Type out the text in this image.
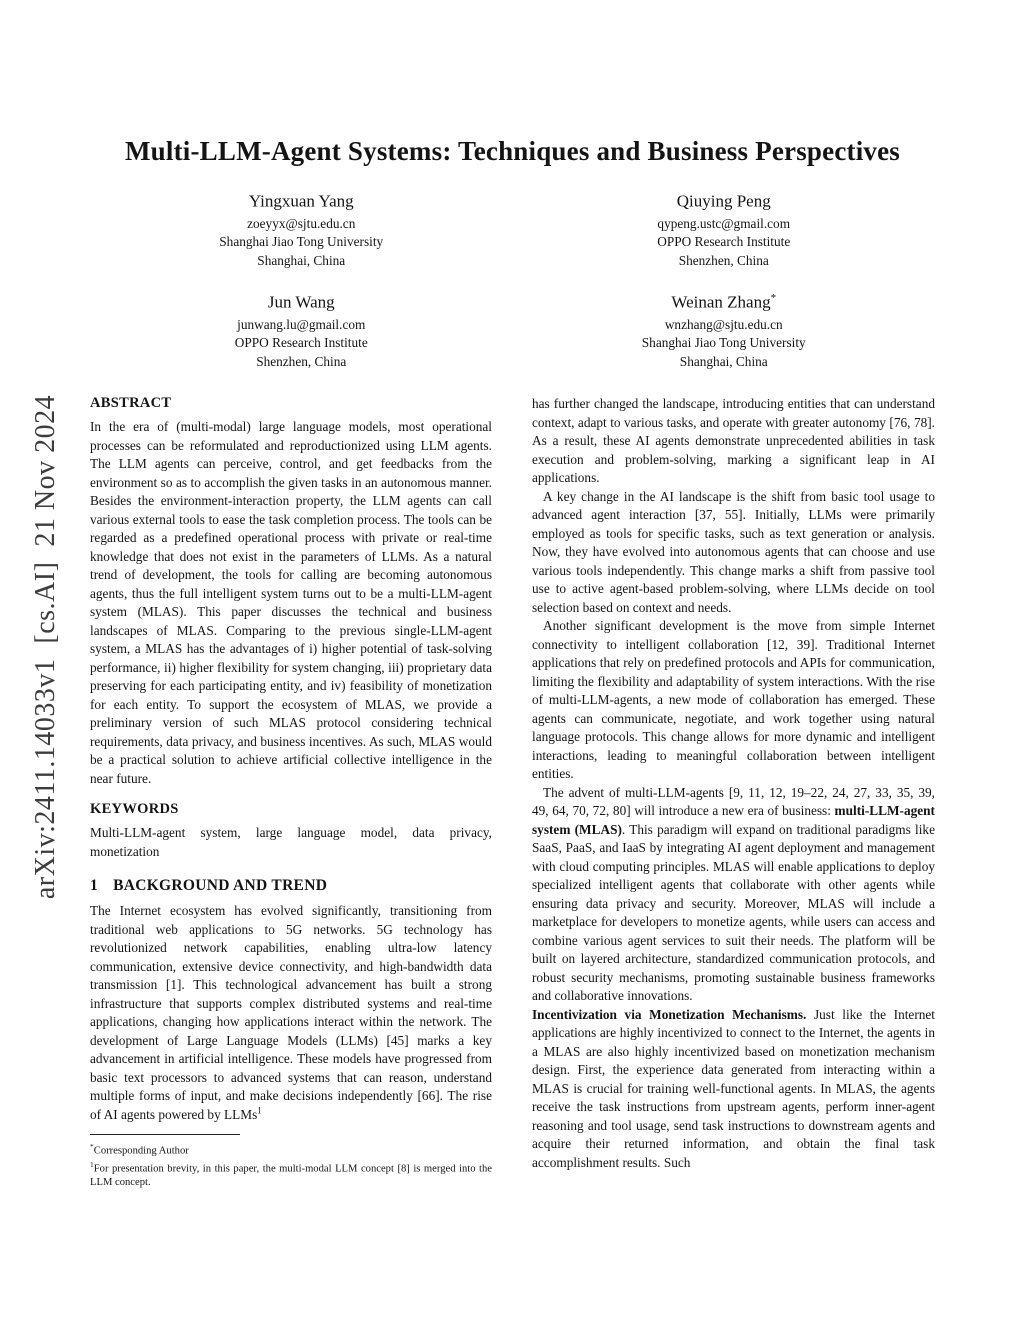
arXiv:2411.14033v1  [cs.AI]  21 Nov 2024
Multi-LLM-Agent Systems: Techniques and Business Perspectives
Yingxuan Yang
zoeyyx@sjtu.edu.cn
Shanghai Jiao Tong University
Shanghai, China
Qiuying Peng
qypeng.ustc@gmail.com
OPPO Research Institute
Shenzhen, China
Jun Wang
junwang.lu@gmail.com
OPPO Research Institute
Shenzhen, China
Weinan Zhang*
wnzhang@sjtu.edu.cn
Shanghai Jiao Tong University
Shanghai, China
ABSTRACT

In the era of (multi-modal) large language models, most operational processes can be reformulated and reproductionized using LLM agents. The LLM agents can perceive, control, and get feedbacks from the environment so as to accomplish the given tasks in an autonomous manner. Besides the environment-interaction property, the LLM agents can call various external tools to ease the task completion process. The tools can be regarded as a predefined operational process with private or real-time knowledge that does not exist in the parameters of LLMs. As a natural trend of development, the tools for calling are becoming autonomous agents, thus the full intelligent system turns out to be a multi-LLM-agent system (MLAS). This paper discusses the technical and business landscapes of MLAS. Comparing to the previous single-LLM-agent system, a MLAS has the advantages of i) higher potential of task-solving performance, ii) higher flexibility for system changing, iii) proprietary data preserving for each participating entity, and iv) feasibility of monetization for each entity. To support the ecosystem of MLAS, we provide a preliminary version of such MLAS protocol considering technical requirements, data privacy, and business incentives. As such, MLAS would be a practical solution to achieve artificial collective intelligence in the near future.

KEYWORDS

Multi-LLM-agent system, large language model, data privacy, monetization

1 BACKGROUND AND TREND

The Internet ecosystem has evolved significantly, transitioning from traditional web applications to 5G networks. 5G technology has revolutionized network capabilities, enabling ultra-low latency communication, extensive device connectivity, and high-bandwidth data transmission [1]. This technological advancement has built a strong infrastructure that supports complex distributed systems and real-time applications, changing how applications interact within the network. The development of Large Language Models (LLMs) [45] marks a key advancement in artificial intelligence. These models have progressed from basic text processors to advanced systems that can reason, understand multiple forms of input, and make decisions independently [66]. The rise of AI agents powered by LLMs$^1$

*Corresponding Author

$^1$For presentation brevity, in this paper, the multi-modal LLM concept [8] is merged into the LLM concept.

has further changed the landscape, introducing entities that can understand context, adapt to various tasks, and operate with greater autonomy [76, 78]. As a result, these AI agents demonstrate unprecedented abilities in task execution and problem-solving, marking a significant leap in AI applications.

A key change in the AI landscape is the shift from basic tool usage to advanced agent interaction [37, 55]. Initially, LLMs were primarily employed as tools for specific tasks, such as text generation or analysis. Now, they have evolved into autonomous agents that can choose and use various tools independently. This change marks a shift from passive tool use to active agent-based problem-solving, where LLMs decide on tool selection based on context and needs.

Another significant development is the move from simple Internet connectivity to intelligent collaboration [12, 39]. Traditional Internet applications that rely on predefined protocols and APIs for communication, limiting the flexibility and adaptability of system interactions. With the rise of multi-LLM-agents, a new mode of collaboration has emerged. These agents can communicate, negotiate, and work together using natural language protocols. This change allows for more dynamic and intelligent interactions, leading to meaningful collaboration between intelligent entities.

The advent of multi-LLM-agents [9, 11, 12, 19–22, 24, 27, 33, 35, 39, 49, 64, 70, 72, 80] will introduce a new era of business: multi-LLM-agent system (MLAS). This paradigm will expand on traditional paradigms like SaaS, PaaS, and IaaS by integrating AI agent deployment and management with cloud computing principles. MLAS will enable applications to deploy specialized intelligent agents that collaborate with other agents while ensuring data privacy and security. Moreover, MLAS will include a marketplace for developers to monetize agents, while users can access and combine various agent services to suit their needs. The platform will be built on layered architecture, standardized communication protocols, and robust security mechanisms, promoting sustainable business frameworks and collaborative innovations.

Incentivization via Monetization Mechanisms. Just like the Internet applications are highly incentivized to connect to the Internet, the agents in a MLAS are also highly incentivized based on monetization mechanism design. First, the experience data generated from interacting within a MLAS is crucial for training well-functional agents. In MLAS, the agents receive the task instructions from upstream agents, perform inner-agent reasoning and tool usage, send task instructions to downstream agents and acquire their returned information, and obtain the final task accomplishment results. Such
